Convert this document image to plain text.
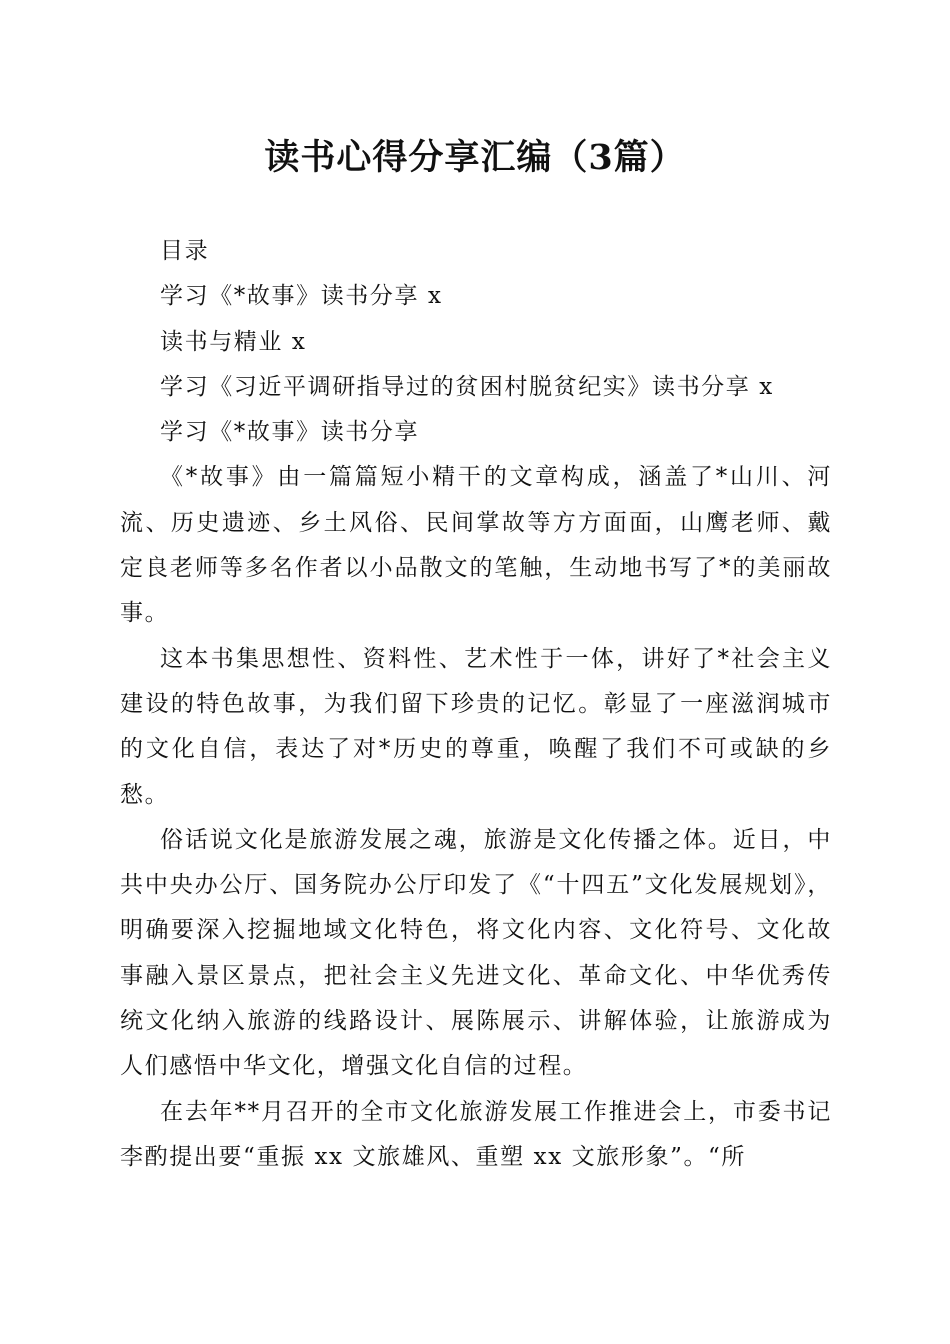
读书心得分享汇编（3篇）

目录

学习《*故事》读书分享 x

读书与精业 x

学习《习近平调研指导过的贫困村脱贫纪实》读书分享 x

学习《*故事》读书分享

《*故事》由一篇篇短小精干的文章构成，涵盖了*山川、河流、历史遗迹、乡土风俗、民间掌故等方方面面，山鹰老师、戴定良老师等多名作者以小品散文的笔触，生动地书写了*的美丽故事。

这本书集思想性、资料性、艺术性于一体，讲好了*社会主义建设的特色故事，为我们留下珍贵的记忆。彰显了一座滋润城市的文化自信，表达了对*历史的尊重，唤醒了我们不可或缺的乡愁。

俗话说文化是旅游发展之魂，旅游是文化传播之体。近日，中共中央办公厅、国务院办公厅印发了《“十四五”文化发展规划》，明确要深入挖掘地域文化特色，将文化内容、文化符号、文化故事融入景区景点，把社会主义先进文化、革命文化、中华优秀传统文化纳入旅游的线路设计、展陈展示、讲解体验，让旅游成为人们感悟中华文化，增强文化自信的过程。

在去年**月召开的全市文化旅游发展工作推进会上，市委书记李酌提出要“重振 xx 文旅雄风、重塑 xx 文旅形象”。“所
